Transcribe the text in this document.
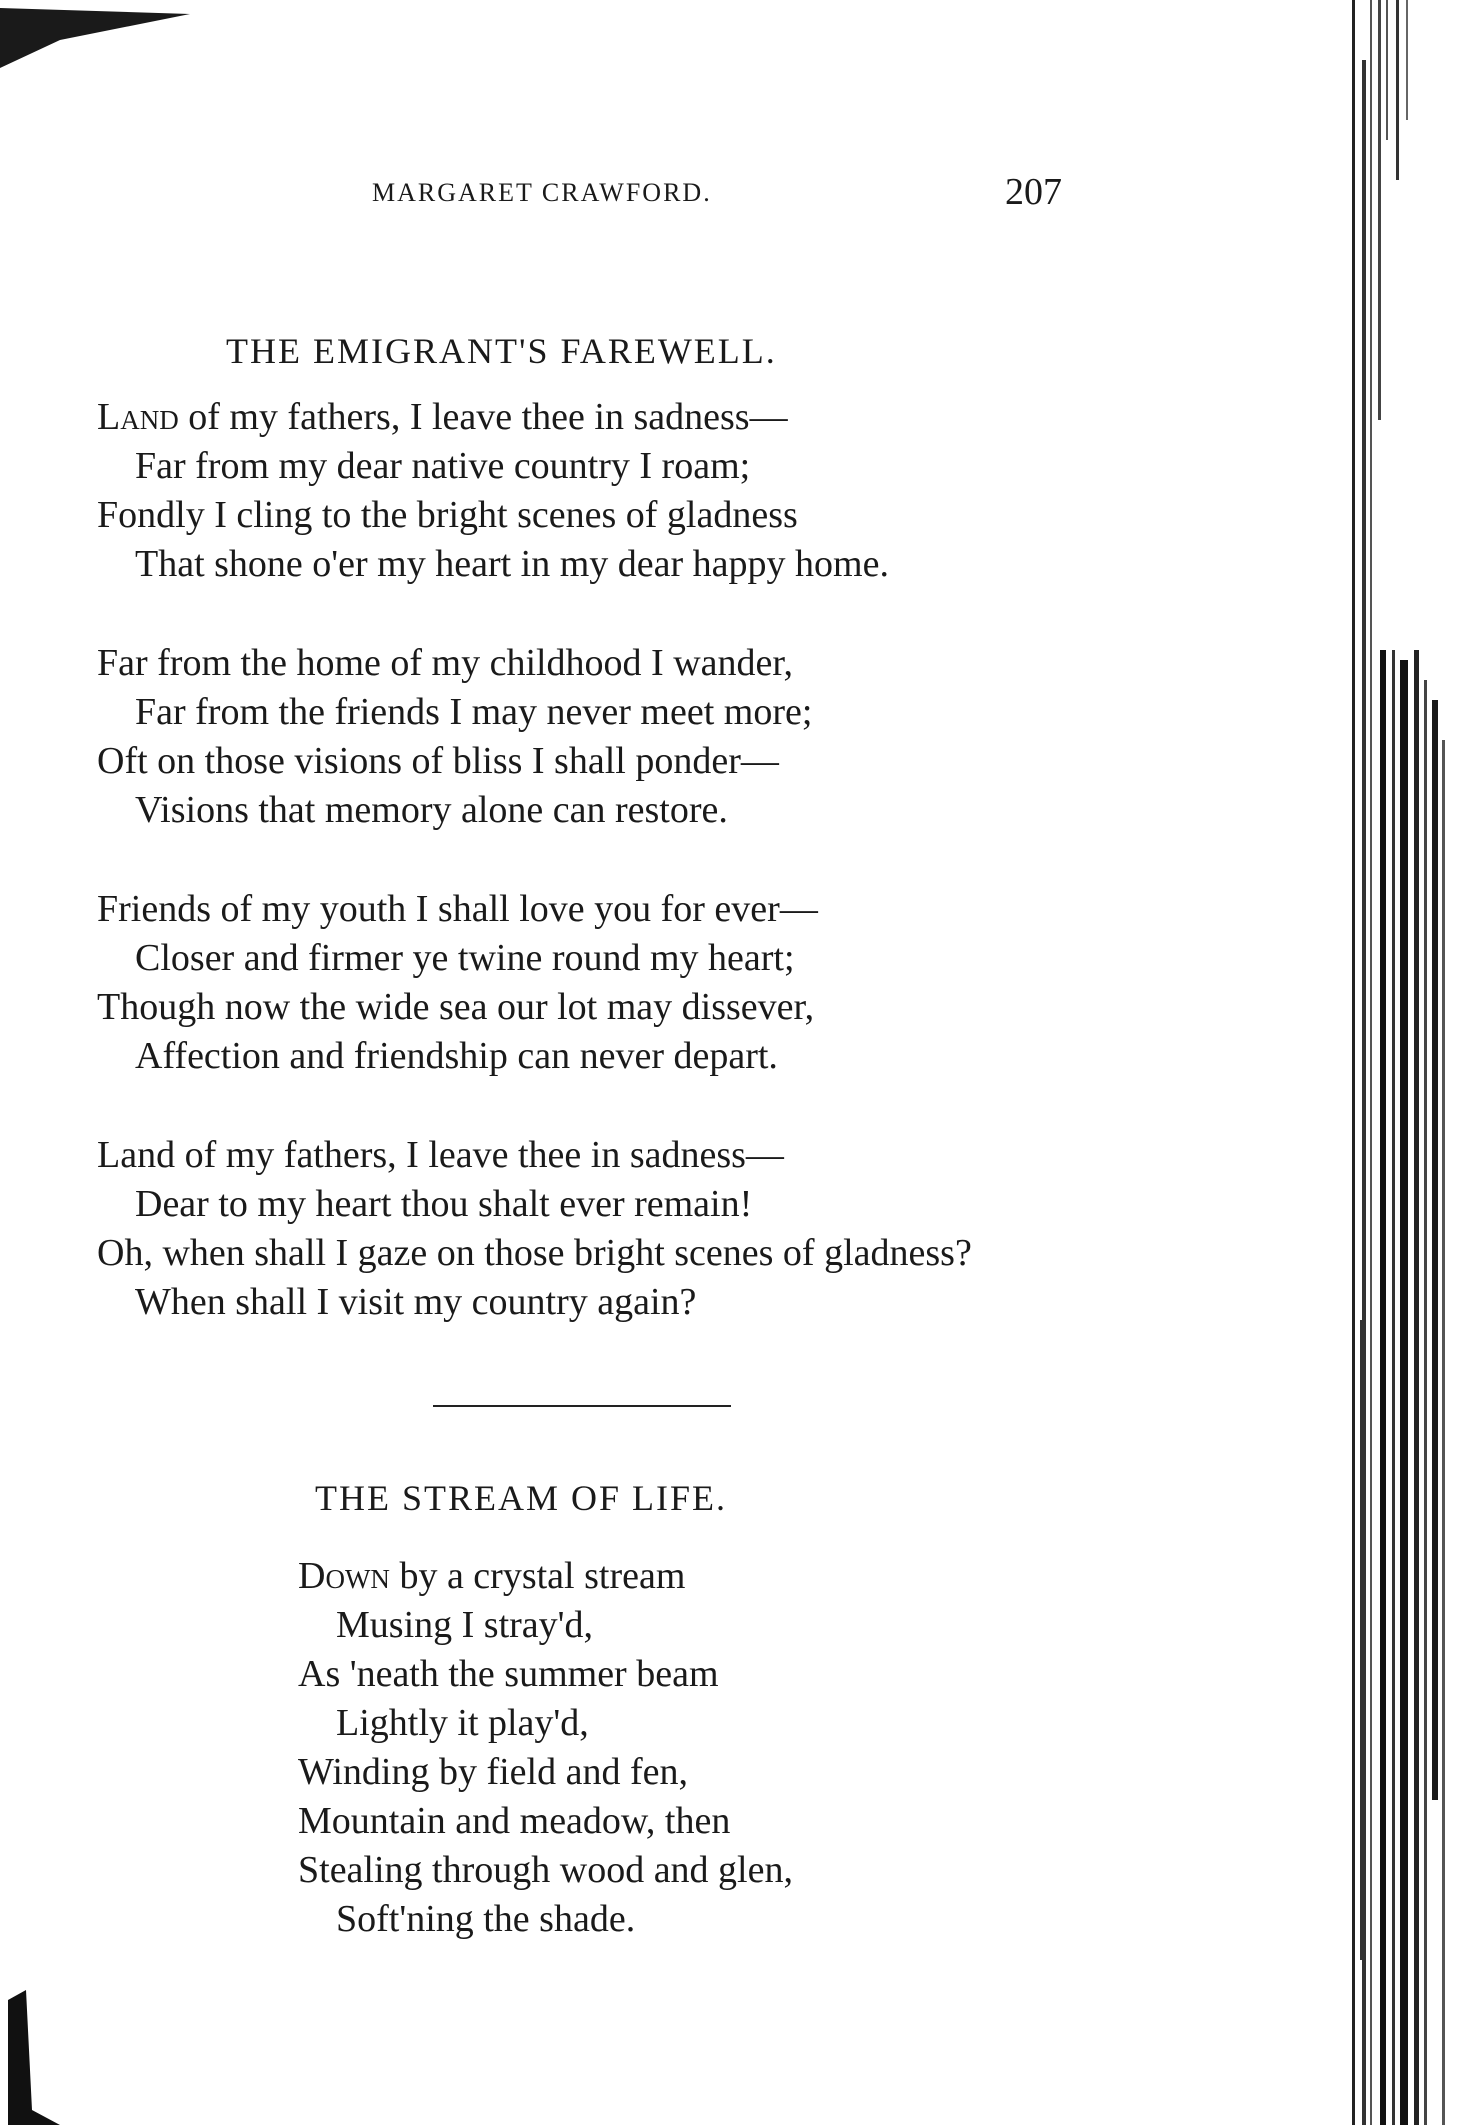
MARGARET CRAWFORD.	207
THE EMIGRANT'S FAREWELL.
Land of my fathers, I leave thee in sadness—
Far from my dear native country I roam;
Fondly I cling to the bright scenes of gladness
That shone o'er my heart in my dear happy home.
Far from the home of my childhood I wander,
Far from the friends I may never meet more;
Oft on those visions of bliss I shall ponder—
Visions that memory alone can restore.
Friends of my youth I shall love you for ever—
Closer and firmer ye twine round my heart;
Though now the wide sea our lot may dissever,
Affection and friendship can never depart.
Land of my fathers, I leave thee in sadness—
Dear to my heart thou shalt ever remain!
Oh, when shall I gaze on those bright scenes of gladness?
When shall I visit my country again?
THE STREAM OF LIFE.
Down by a crystal stream
Musing I stray'd,
As 'neath the summer beam
Lightly it play'd,
Winding by field and fen,
Mountain and meadow, then
Stealing through wood and glen,
Soft'ning the shade.
